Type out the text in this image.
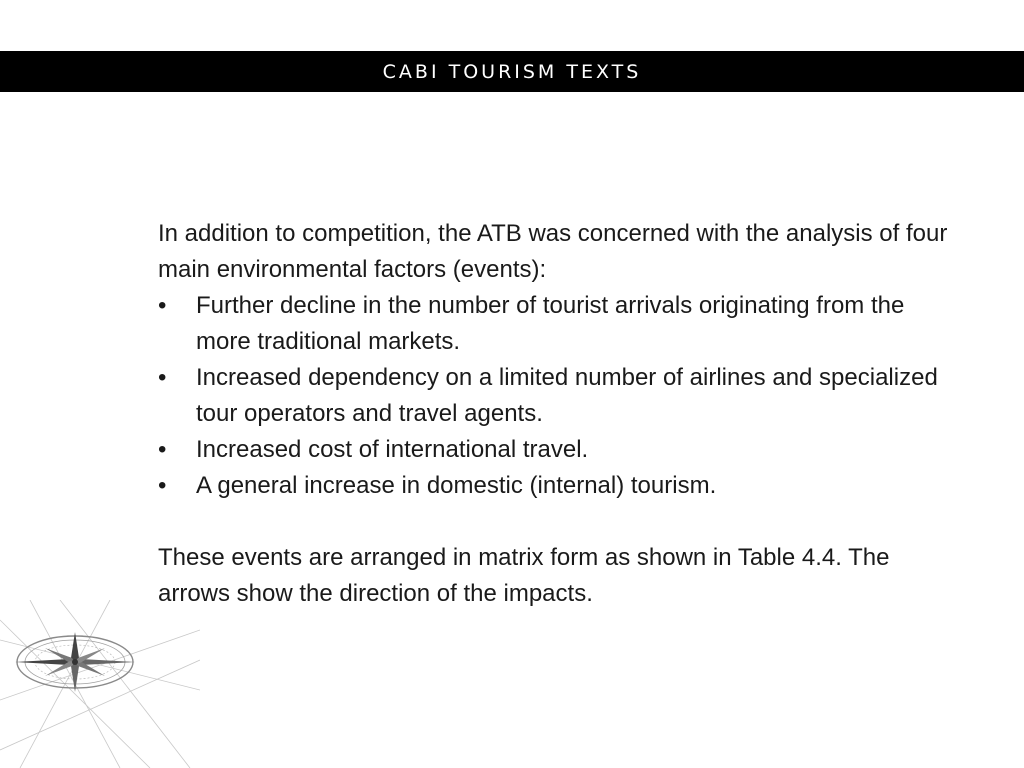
CABI TOURISM TEXTS

In addition to competition, the ATB was concerned with the analysis of four main environmental factors (events):

• Further decline in the number of tourist arrivals originating from the more traditional markets.
• Increased dependency on a limited number of airlines and specialized tour operators and travel agents.
• Increased cost of international travel.
• A general increase in domestic (internal) tourism.

These events are arranged in matrix form as shown in Table 4.4. The arrows show the direction of the impacts.
